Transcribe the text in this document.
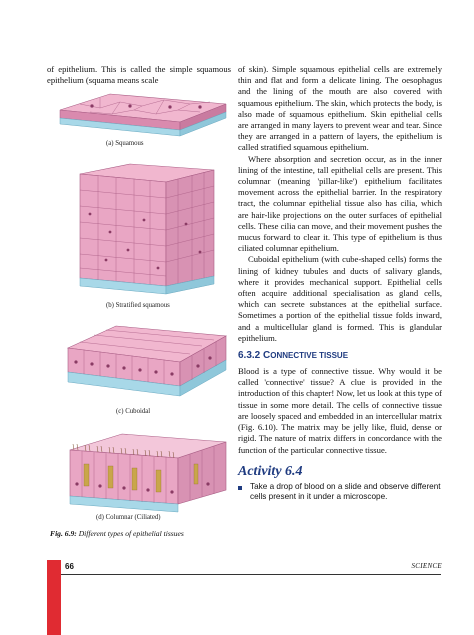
of epithelium. This is called the simple squamous epithelium (squama means scale

(a) Squamous
(b) Stratified squamous
(c) Cuboidal
(d) Columnar (Ciliated)
Fig. 6.9: Different types of epithelial tissues

of skin). Simple squamous epithelial cells are extremely thin and flat and form a delicate lining. The oesophagus and the lining of the mouth are also covered with squamous epithelium. The skin, which protects the body, is also made of squamous epithelium. Skin epithelial cells are arranged in many layers to prevent wear and tear. Since they are arranged in a pattern of layers, the epithelium is called stratified squamous epithelium.

Where absorption and secretion occur, as in the inner lining of the intestine, tall epithelial cells are present. This columnar (meaning 'pillar-like') epithelium facilitates movement across the epithelial barrier. In the respiratory tract, the columnar epithelial tissue also has cilia, which are hair-like projections on the outer surfaces of epithelial cells. These cilia can move, and their movement pushes the mucus forward to clear it. This type of epithelium is thus ciliated columnar epithelium.

Cuboidal epithelium (with cube-shaped cells) forms the lining of kidney tubules and ducts of salivary glands, where it provides mechanical support. Epithelial cells often acquire additional specialisation as gland cells, which can secrete substances at the epithelial surface. Sometimes a portion of the epithelial tissue folds inward, and a multicellular gland is formed. This is glandular epithelium.

6.3.2 CONNECTIVE TISSUE

Blood is a type of connective tissue. Why would it be called 'connective' tissue? A clue is provided in the introduction of this chapter! Now, let us look at this type of tissue in some more detail. The cells of connective tissue are loosely spaced and embedded in an intercellular matrix (Fig. 6.10). The matrix may be jelly like, fluid, dense or rigid. The nature of matrix differs in concordance with the function of the particular connective tissue.

Activity 6.4
Take a drop of blood on a slide and observe different cells present in it under a microscope.
66	SCIENCE
